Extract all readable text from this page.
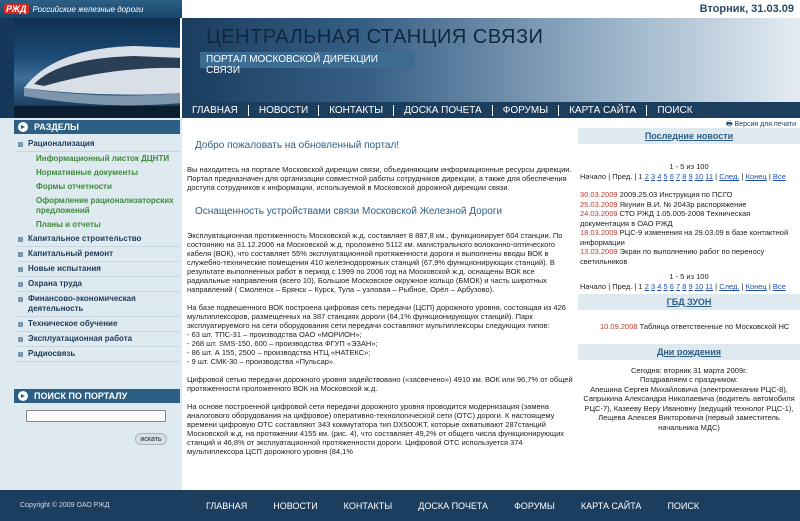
РЖД Российские железные дороги	Вторник, 31.03.09
ЦЕНТРАЛЬНАЯ СТАНЦИЯ СВЯЗИ
ПОРТАЛ МОСКОВСКОЙ ДИРЕКЦИИ СВЯЗИ
ГЛАВНАЯ	НОВОСТИ	КОНТАКТЫ	ДОСКА ПОЧЕТА	ФОРУМЫ	КАРТА САЙТА	ПОИСК
► РАЗДЕЛЫ
Рационализация
Информационный листок ДЦНТИ
Нормативные документы
Формы отчетности
Оформление рационализаторских предложений
Планы и отчеты
Капитальное строительство
Капитальный ремонт
Новые испытания
Охрана труда
Финансово-экономическая деятельность
Техническое обучение
Эксплуатационная работа
Радиосвязь
► ПОИСК ПО ПОРТАЛУ
искать
🖶 Версия для печати
Добро пожаловать на обновленный портал!

Вы находитесь на портале Московской дирекции связи, объединяющим информационные ресурсы дирекции.
Портал предназначен для организации совместной работы сотрудников дирекции, а также для обеспечения доступа сотрудников к информации, используемой в Московской дорожной дирекции связи.

Оснащенность устройствами связи Московской Железной Дороги

Эксплуатационная протяженность Московской ж.д. составляет 8 887,8 км., функционирует 604 станции. По состоянию на 31.12.2006 на Московской ж.д. проложено 5112 км. магистрального волоконно-оптического кабеля (ВОК), что составляет 55% эксплуатационной протяженности дороги и выполнены вводы ВОК в служебно-технические помещения 410 железнодорожных станций (67,9% функционирующих станций). В результате выполненных работ в период с 1999 по 2006 год на Московской ж.д. оснащены ВОК все радиальные направления (всего 10), Большое Московское окружное кольцо (БМОК) и часть широтных направлений ( Смоленск – Брянск – Курск, Тула – узловая – Рыбное, Орёл – Арбузово).

На базе подвешенного ВОК построена цифровая сеть передачи (ЦСП) дорожного уровня, состоящая из 426 мультиплексоров, размещенных на 387 станциях дороги (64,1% функционирующих станций). Парк эксплуатируемого на сети оборудования сети передачи составляют мультиплексоры следующих типов:
- 63 шт. ТПС-31 – производства ОАО «МОРИОН»;
- 268 шт. SMS-150, 600 – производства ФГУП «ЭЗАН»;
- 86 шт. А 155, 2500 – производства НТЦ «НАТЕКС»;
- 9 шт. СМК-30 – производства «Пульсар».

Цифровой сетью передачи дорожного уровня задействовано («засвечено») 4910 км. ВОК или 96,7% от общей протяженности проложенного ВОК на Московской ж.д.

На основе построенной цифровой сети передачи дорожного уровня проводится модернизация (замена аналогового оборудования на цифровое) оперативно-технологической сети (ОТС) дороги. К настоящему времени цифровую ОТС составляют 343 коммутатора тип DX500ЖТ, которые охватывают 287станций Московской ж.д. на протяжении 4155 км. (рис. 4), что составляет 49,2% от общего числа функционирующих станций и 46,8% от эксплуатационной протяженности дороги. Цифровой ОТС используется 374 мультиплексора ЦСП дорожного уровня (84,1%

Последние новости
1 - 5 из 100
Начало | Пред. | 1 2 3 4 5 6 7 8 9 10 11 | След. | Конец | Все
30.03.2009 2009.25.03 Инструкция по ПСГО
25.03.2009 Якунин В.И. № 2043р распоряжение
24.03.2009 СТО РЖД 1.05.005-2008 Техническая документация в ОАО РЖД
18.03.2009 РЦС-9 изменения на 29.03.09 в базе контактной информации
13.03.2009 Экран по выполнению работ по переносу светильников
1 - 5 из 100
Начало | Пред. | 1 2 3 4 5 6 7 8 9 10 11 | След. | Конец | Все
ГБД ЗУОН
10.09.2008 Таблица ответственные по Московской НС
Дни рождения
Сегодня: вторник 31 марта 2009г.
Поздравляем с праздником:
Апешина Сергея Михайловича (электромеханик РЦС-8), Сапрыкина Александра Николаевича (водитель автомобиля РЦС-7), Казееву Веру Ивановну (ведущий технолог РЦС-1), Лещева Алексея Викторовича (первый заместитель начальника МДС)
Copyright © 2009 ОАО РЖД	ГЛАВНАЯ	НОВОСТИ	КОНТАКТЫ	ДОСКА ПОЧЕТА	ФОРУМЫ	КАРТА САЙТА	ПОИСК
